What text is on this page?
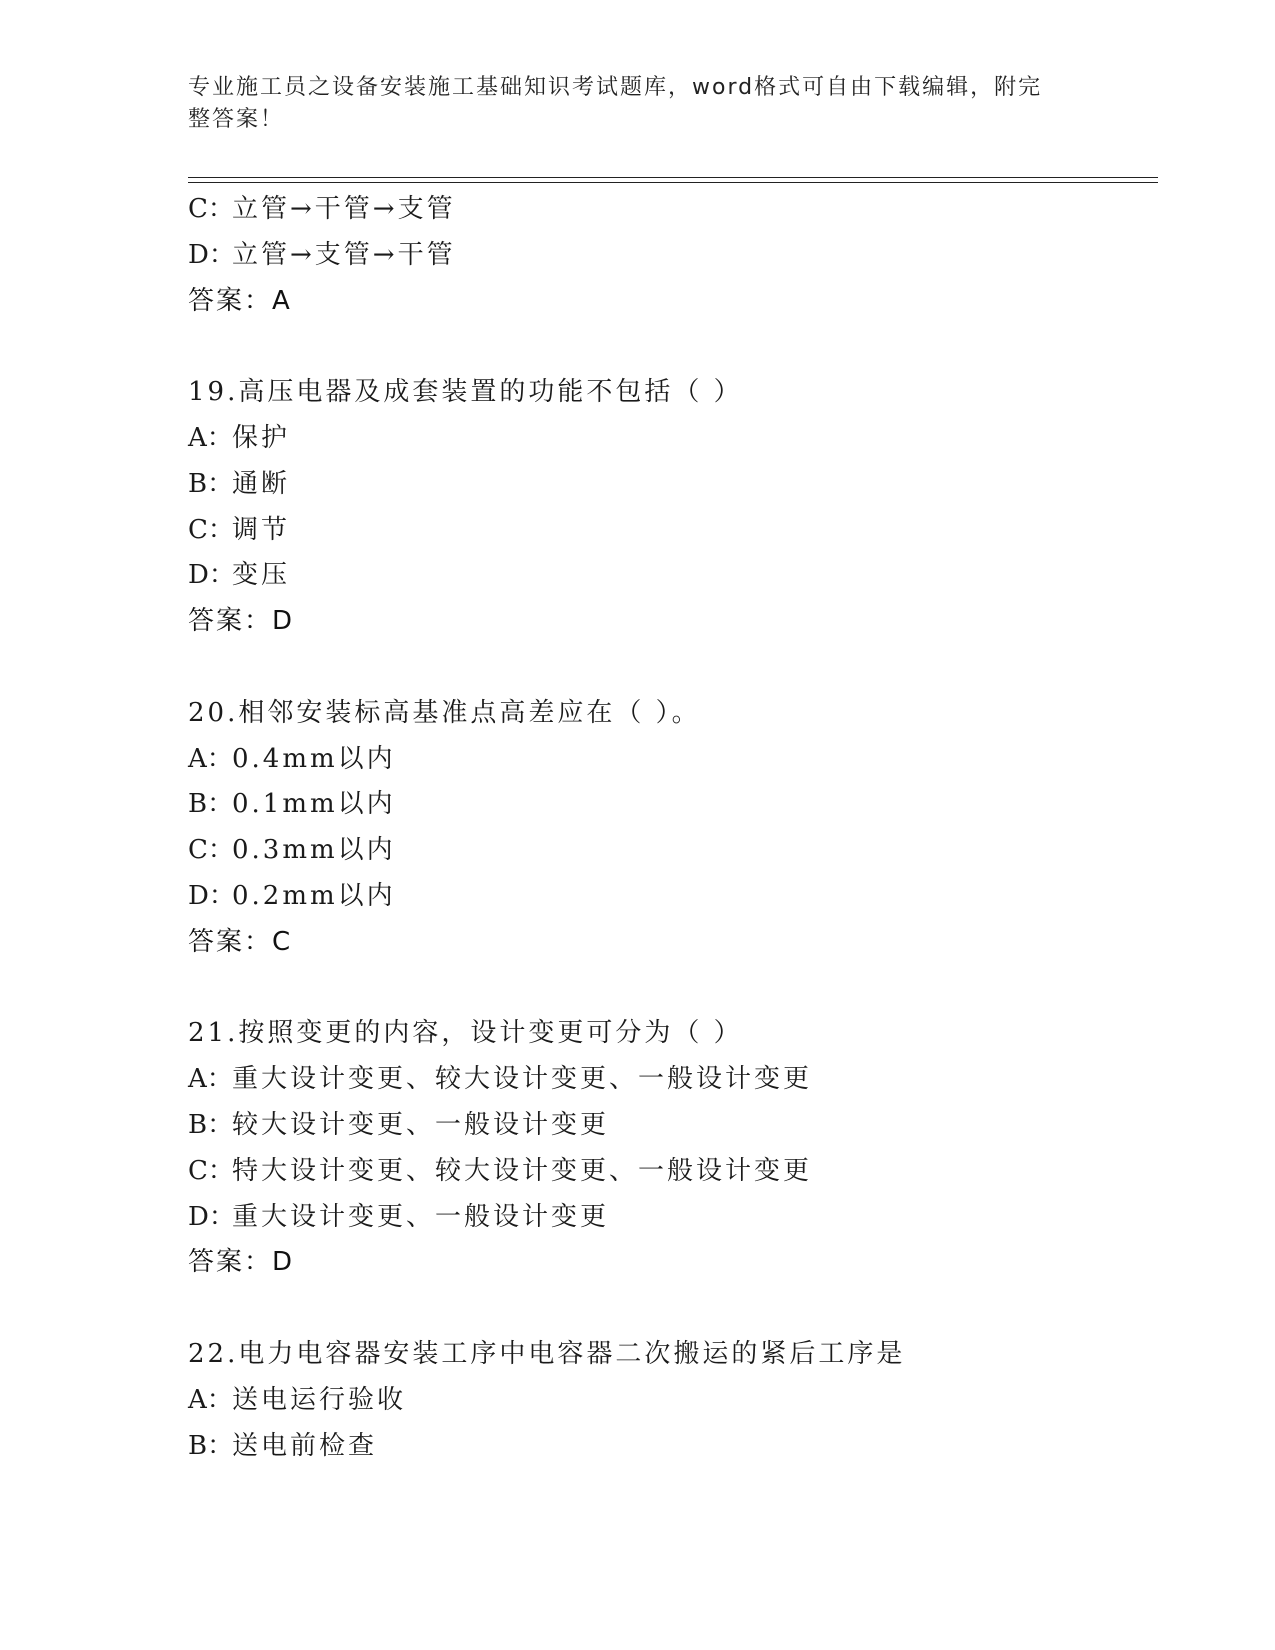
专业施工员之设备安装施工基础知识考试题库，word格式可自由下载编辑，附完
整答案！
C：立管→干管→支管
D：立管→支管→干管
答案：A
19.高压电器及成套装置的功能不包括（ ）
A：保护
B：通断
C：调节
D：变压
答案：D
20.相邻安装标高基准点高差应在（ ）。
A：0.4mm以内
B：0.1mm以内
C：0.3mm以内
D：0.2mm以内
答案：C
21.按照变更的内容，设计变更可分为（ ）
A：重大设计变更、较大设计变更、一般设计变更
B：较大设计变更、一般设计变更
C：特大设计变更、较大设计变更、一般设计变更
D：重大设计变更、一般设计变更
答案：D
22.电力电容器安装工序中电容器二次搬运的紧后工序是
A：送电运行验收
B：送电前检查
